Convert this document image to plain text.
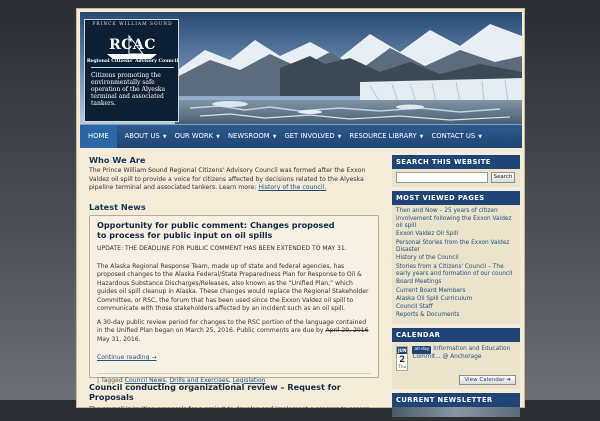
PRINCE WILLIAM SOUND
RCAC
Regional Citizens' Advisory Council
Citizens promoting the environmentally safe operation of the Alyeska terminal and associated tankers.
HOME	ABOUT US ▼	OUR WORK ▼	NEWSROOM ▼	GET INVOLVED ▼	RESOURCE LIBRARY ▼	CONTACT US ▼
Who We Are

The Prince William Sound Regional Citizens' Advisory Council was formed after the Exxon Valdez oil spill to provide a voice for citizens affected by decisions related to the Alyeska pipeline terminal and associated tankers. Learn more: History of the council.

Latest News
Opportunity for public comment: Changes proposed to process for public input on oil spills

UPDATE: THE DEADLINE FOR PUBLIC COMMENT HAS BEEN EXTENDED TO MAY 31.

The Alaska Regional Response Team, made up of state and federal agencies, has proposed changes to the Alaska Federal/State Preparedness Plan for Response to Oil & Hazardous Substance Discharges/Releases, also known as the “Unified Plan,” which guides oil spill cleanup in Alaska. These changes would replace the Regional Stakeholder Committee, or RSC, the forum that has been used since the Exxon Valdez oil spill to communicate with those stakeholders affected by an incident such as an oil spill.

A 30-day public review period for changes to the RSC portion of the language contained in the Unified Plan began on March 25, 2016. Public comments are due by April 29, 2016 May 31, 2016.

Continue reading →

| Tagged Council News, Drills and Exercises, Legislation

Council conducting organizational review – Request for Proposals
The council is inviting proposals for a project to develop and implement a process to assess the
SEARCH THIS WEBSITE
Search
MOST VIEWED PAGES
Then and Now – 25 years of citizen involvement following the Exxon Valdez oil spill
Exxon Valdez Oil Spill
Personal Stories from the Exxon Valdez Disaster
History of the Council
Stories from a Citizens' Council – The early years and formation of our council
Board Meetings
Current Board Members
Alaska Oil Spill Curriculum
Council Staff
Reports & Documents
CALENDAR
JUN
2
Thu
all-day Information and Education Commit... @ Anchorage
View Calendar ➔
CURRENT NEWSLETTER
